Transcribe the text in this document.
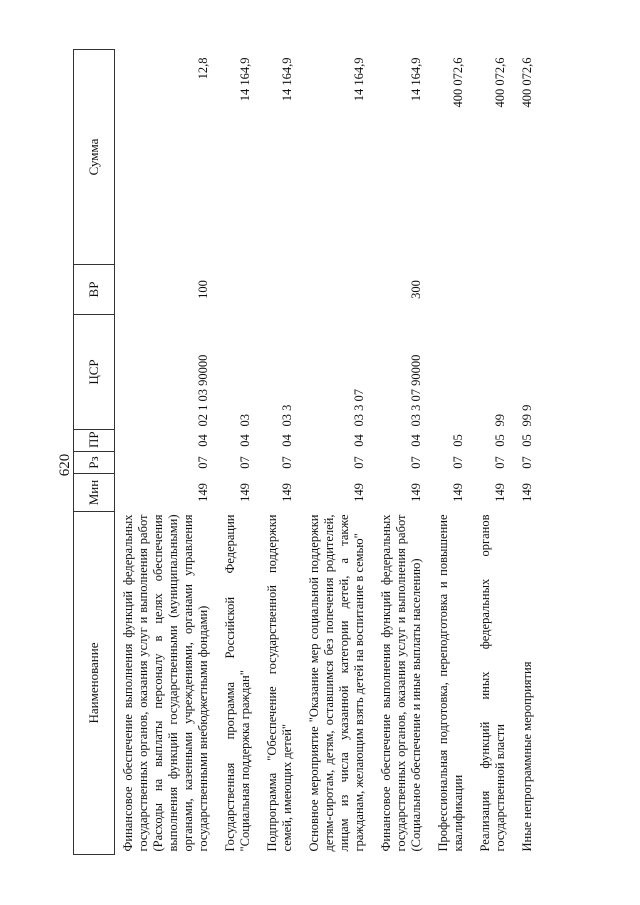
620
Наименование	Мин	Рз	ПР	ЦСР	ВР	Сумма
Финансовое обеспечение выполнения функций федеральных государственных органов, оказания услуг и выполнения работ (Расходы на выплаты персоналу в целях обеспечения выполнения функций государственными (муниципальными) органами, казенными учреждениями, органами управления государственными внебюджетными фондами)	149	07	04	02 1 03 90000	100	12,8
Государственная программа Российской Федерации "Социальная поддержка граждан"	149	07	04	03		14 164,9
Подпрограмма "Обеспечение государственной поддержки семей, имеющих детей"	149	07	04	03 3		14 164,9
Основное мероприятие "Оказание мер социальной поддержки детям-сиротам, детям, оставшимся без попечения родителей, лицам из числа указанной категории детей, а также гражданам, желающим взять детей на воспитание в семью"	149	07	04	03 3 07		14 164,9
Финансовое обеспечение выполнения функций федеральных государственных органов, оказания услуг и выполнения работ (Социальное обеспечение и иные выплаты населению)	149	07	04	03 3 07 90000	300	14 164,9
Профессиональная подготовка, переподготовка и повышение квалификации	149	07	05			400 072,6
Реализация функций иных федеральных органов государственной власти	149	07	05	99		400 072,6
Иные непрограммные мероприятия	149	07	05	99 9		400 072,6
